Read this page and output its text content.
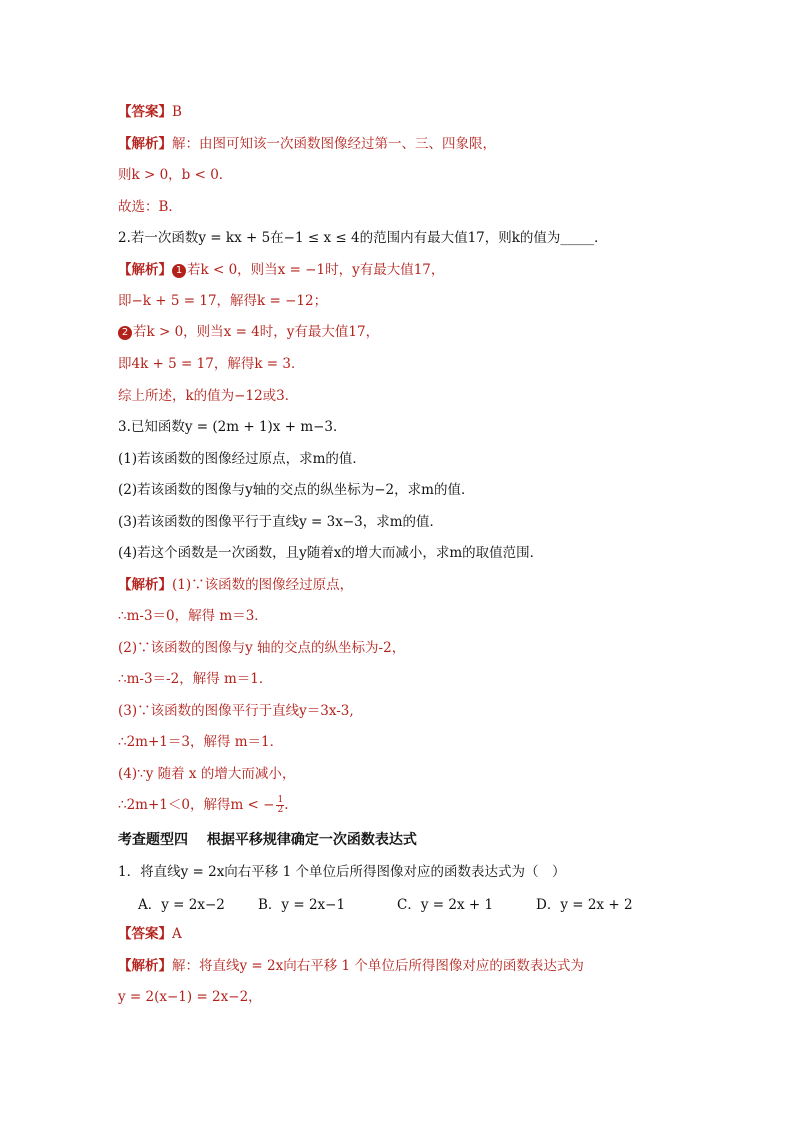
【答案】B
【解析】解：由图可知该一次函数图像经过第一、三、四象限，
则k > 0，b < 0．
故选：B．
2.若一次函数y = kx + 5在−1 ≤ x ≤ 4的范围内有最大值17，则k的值为_____．
【解析】 1 若k < 0，则当x = −1时，y有最大值17，
即−k + 5 = 17，解得k = −12；
2 若k > 0，则当x = 4时，y有最大值17，
即4k + 5 = 17，解得k = 3．
综上所述，k的值为−12或3．
3.已知函数y = (2m + 1)x + m−3．
(1)若该函数的图像经过原点，求m的值．
(2)若该函数的图像与y轴的交点的纵坐标为−2，求m的值．
(3)若该函数的图像平行于直线y = 3x−3，求m的值．
(4)若这个函数是一次函数，且y随着x的增大而减小，求m的取值范围．
【解析】(1)∵该函数的图像经过原点，
∴m-3＝0，解得 m＝3．
(2)∵该函数的图像与y 轴的交点的纵坐标为-2，
∴m-3＝-2，解得 m＝1．
(3)∵该函数的图像平行于直线y＝3x-3,
∴2m+1＝3，解得 m＝1．
(4)∵y 随着 x 的增大而减小，
∴2m+1＜0，解得m < − $\frac{1}{2}$ .
考查题型四　 根据平移规律确定一次函数表达式
1．将直线y = 2x向右平移 1 个单位后所得图像对应的函数表达式为（　）
A．y = 2x−2 B．y = 2x−1	C．y = 2x + 1	D．y = 2x + 2
【答案】A
【解析】解：将直线y = 2x向右平移 1 个单位后所得图像对应的函数表达式为
y = 2(x−1) = 2x−2，
